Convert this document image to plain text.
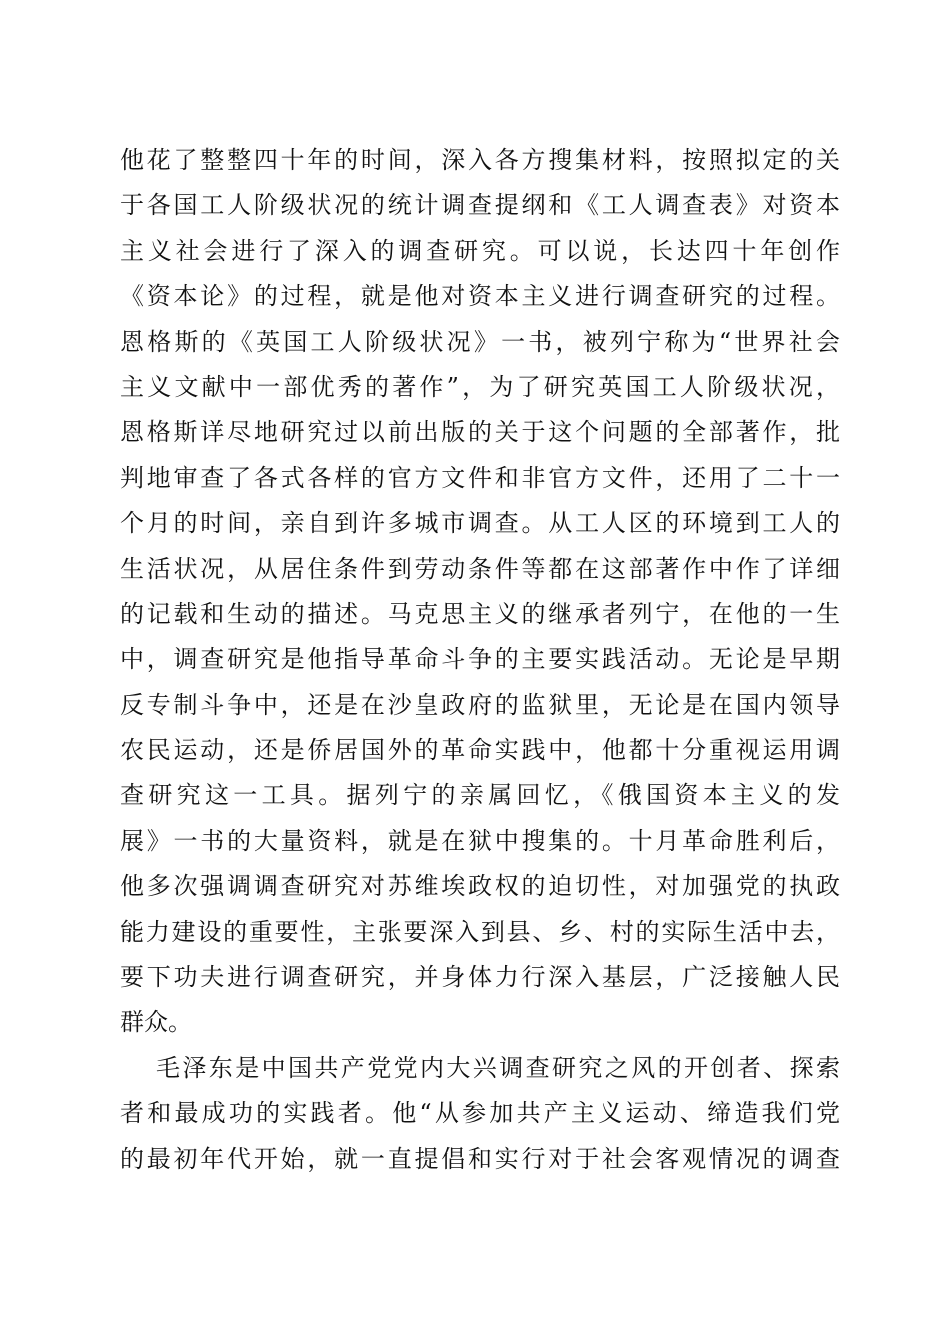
他花了整整四十年的时间，深入各方搜集材料，按照拟定的关
于各国工人阶级状况的统计调查提纲和《工人调查表》对资本
主义社会进行了深入的调查研究。可以说，长达四十年创作
《资本论》的过程，就是他对资本主义进行调查研究的过程。
恩格斯的《英国工人阶级状况》一书，被列宁称为“世界社会
主义文献中一部优秀的著作”，为了研究英国工人阶级状况，
恩格斯详尽地研究过以前出版的关于这个问题的全部著作，批
判地审查了各式各样的官方文件和非官方文件，还用了二十一
个月的时间，亲自到许多城市调查。从工人区的环境到工人的
生活状况，从居住条件到劳动条件等都在这部著作中作了详细
的记载和生动的描述。马克思主义的继承者列宁，在他的一生
中，调查研究是他指导革命斗争的主要实践活动。无论是早期
反专制斗争中，还是在沙皇政府的监狱里，无论是在国内领导
农民运动，还是侨居国外的革命实践中，他都十分重视运用调
查研究这一工具。据列宁的亲属回忆，《俄国资本主义的发
展》一书的大量资料，就是在狱中搜集的。十月革命胜利后，
他多次强调调查研究对苏维埃政权的迫切性，对加强党的执政
能力建设的重要性，主张要深入到县、乡、村的实际生活中去，
要下功夫进行调查研究，并身体力行深入基层，广泛接触人民
群众。
毛泽东是中国共产党党内大兴调查研究之风的开创者、探索
者和最成功的实践者。他“从参加共产主义运动、缔造我们党
的最初年代开始，就一直提倡和实行对于社会客观情况的调查
